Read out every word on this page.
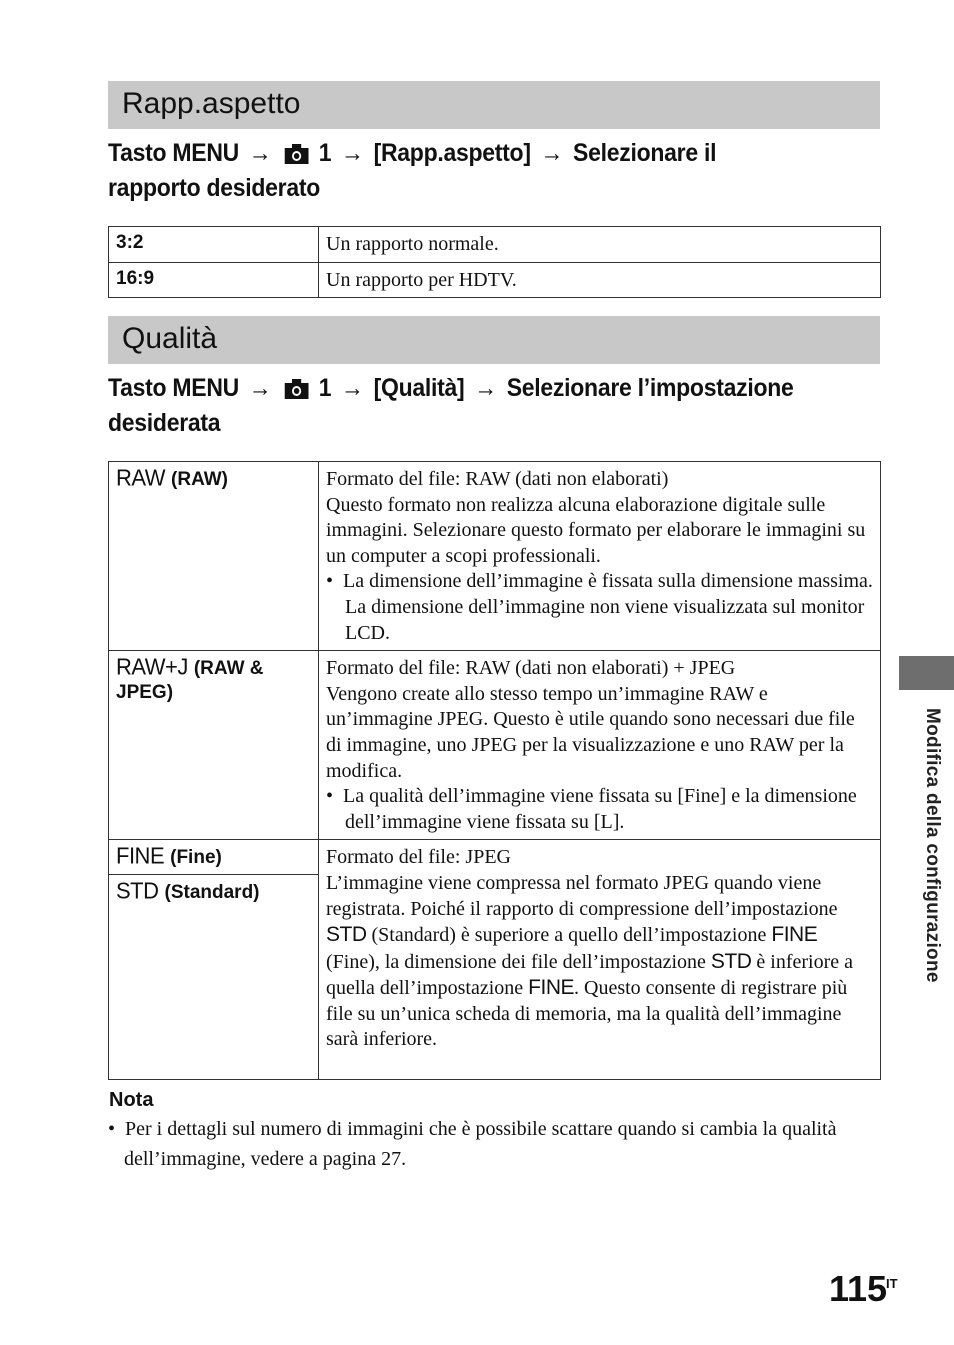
Rapp.aspetto
Tasto MENU → 1 → [Rapp.aspetto] → Selezionare il
rapporto desiderato
3:2	Un rapporto normale.
16:9	Un rapporto per HDTV.
Qualità
Tasto MENU → 1 → [Qualità] → Selezionare l’impostazione
desiderata
RAW (RAW)	Formato del file: RAW (dati non elaborati)
Questo formato non realizza alcuna elaborazione digitale sulle immagini. Selezionare questo formato per elaborare le immagini su un computer a scopi professionali.
•  La dimensione dell’immagine è fissata sulla dimensione massima. La dimensione dell’immagine non viene visualizzata sul monitor LCD.

RAW+J (RAW & JPEG)	Formato del file: RAW (dati non elaborati) + JPEG
Vengono create allo stesso tempo un’immagine RAW e un’immagine JPEG. Questo è utile quando sono necessari due file di immagine, uno JPEG per la visualizzazione e uno RAW per la modifica.
•  La qualità dell’immagine viene fissata su [Fine] e la dimensione dell’immagine viene fissata su [L].

FINE (Fine)	Formato del file: JPEG
L’immagine viene compressa nel formato JPEG quando viene registrata. Poiché il rapporto di compressione dell’impostazione STD (Standard) è superiore a quello dell’impostazione FINE (Fine), la dimensione dei file dell’impostazione STD è inferiore a quella dell’impostazione FINE. Questo consente di registrare più file su un’unica scheda di memoria, ma la qualità dell’immagine sarà inferiore.

STD (Standard)	
Nota
•  Per i dettagli sul numero di immagini che è possibile scattare quando si cambia la qualità dell’immagine, vedere a pagina 27.
Modifica della configurazione
115
IT
